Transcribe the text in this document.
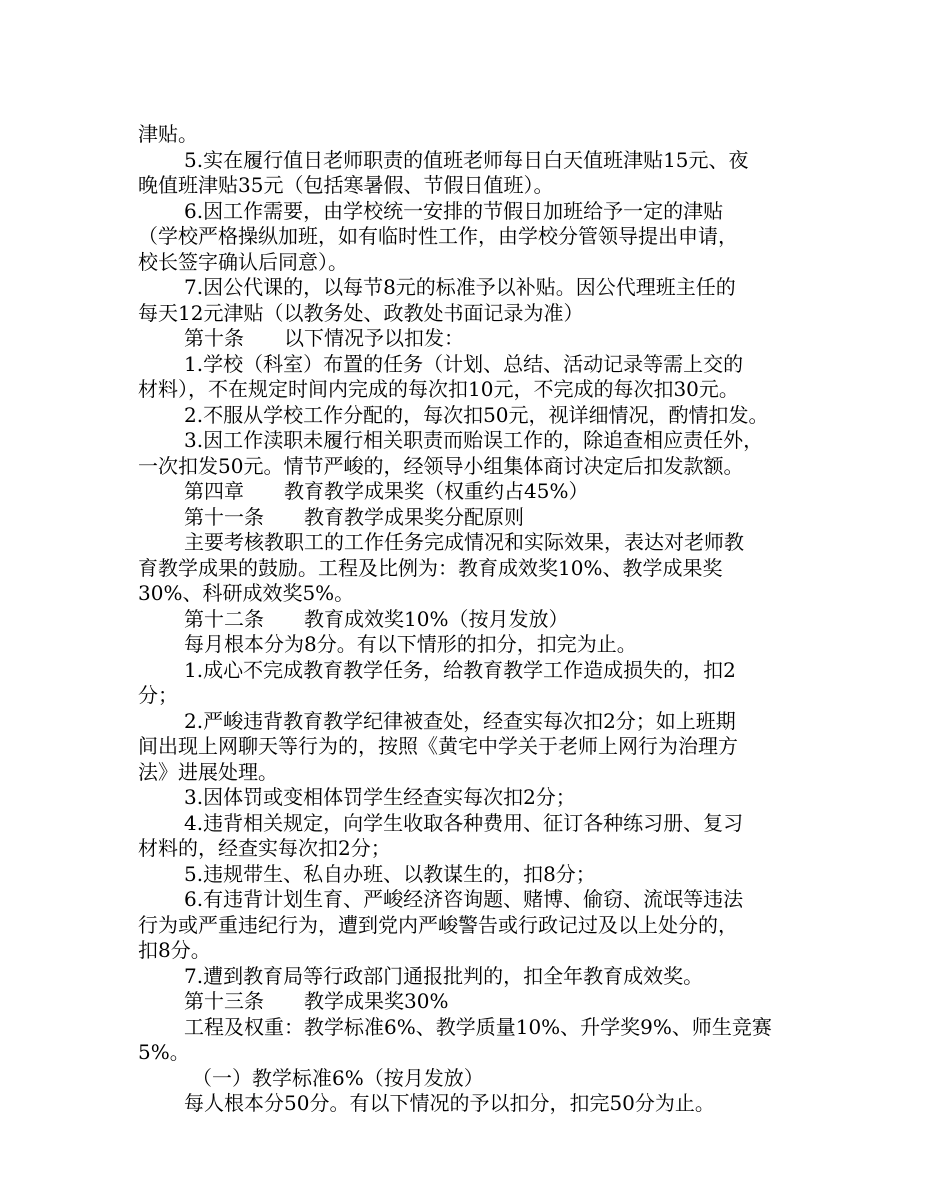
津贴。
5.实在履行值日老师职责的值班老师每日白天值班津贴15元、夜
晚值班津贴35元（包括寒暑假、节假日值班）。
6.因工作需要，由学校统一安排的节假日加班给予一定的津贴
（学校严格操纵加班，如有临时性工作，由学校分管领导提出申请，
校长签字确认后同意）。
7.因公代课的，以每节8元的标准予以补贴。因公代理班主任的
每天12元津贴（以教务处、政教处书面记录为准）
第十条 以下情况予以扣发：
1.学校（科室）布置的任务（计划、总结、活动记录等需上交的
材料），不在规定时间内完成的每次扣10元，不完成的每次扣30元。
2.不服从学校工作分配的，每次扣50元，视详细情况，酌情扣发。
3.因工作渎职未履行相关职责而贻误工作的，除追查相应责任外，
一次扣发50元。情节严峻的，经领导小组集体商讨决定后扣发款额。
第四章 教育教学成果奖（权重约占45%）
第十一条 教育教学成果奖分配原则
主要考核教职工的工作任务完成情况和实际效果，表达对老师教
育教学成果的鼓励。工程及比例为：教育成效奖10%、教学成果奖
30%、科研成效奖5%。
第十二条 教育成效奖10%（按月发放）
每月根本分为8分。有以下情形的扣分，扣完为止。
1.成心不完成教育教学任务，给教育教学工作造成损失的，扣2
分；
2.严峻违背教育教学纪律被查处，经查实每次扣2分；如上班期
间出现上网聊天等行为的，按照《黄宅中学关于老师上网行为治理方
法》进展处理。
3.因体罚或变相体罚学生经查实每次扣2分；
4.违背相关规定，向学生收取各种费用、征订各种练习册、复习
材料的，经查实每次扣2分；
5.违规带生、私自办班、以教谋生的，扣8分；
6.有违背计划生育、严峻经济咨询题、赌博、偷窃、流氓等违法
行为或严重违纪行为，遭到党内严峻警告或行政记过及以上处分的，
扣8分。
7.遭到教育局等行政部门通报批判的，扣全年教育成效奖。
第十三条 教学成果奖30%
工程及权重：教学标准6%、教学质量10%、升学奖9%、师生竞赛
5%。
（一）教学标准6%（按月发放）
每人根本分50分。有以下情况的予以扣分，扣完50分为止。
